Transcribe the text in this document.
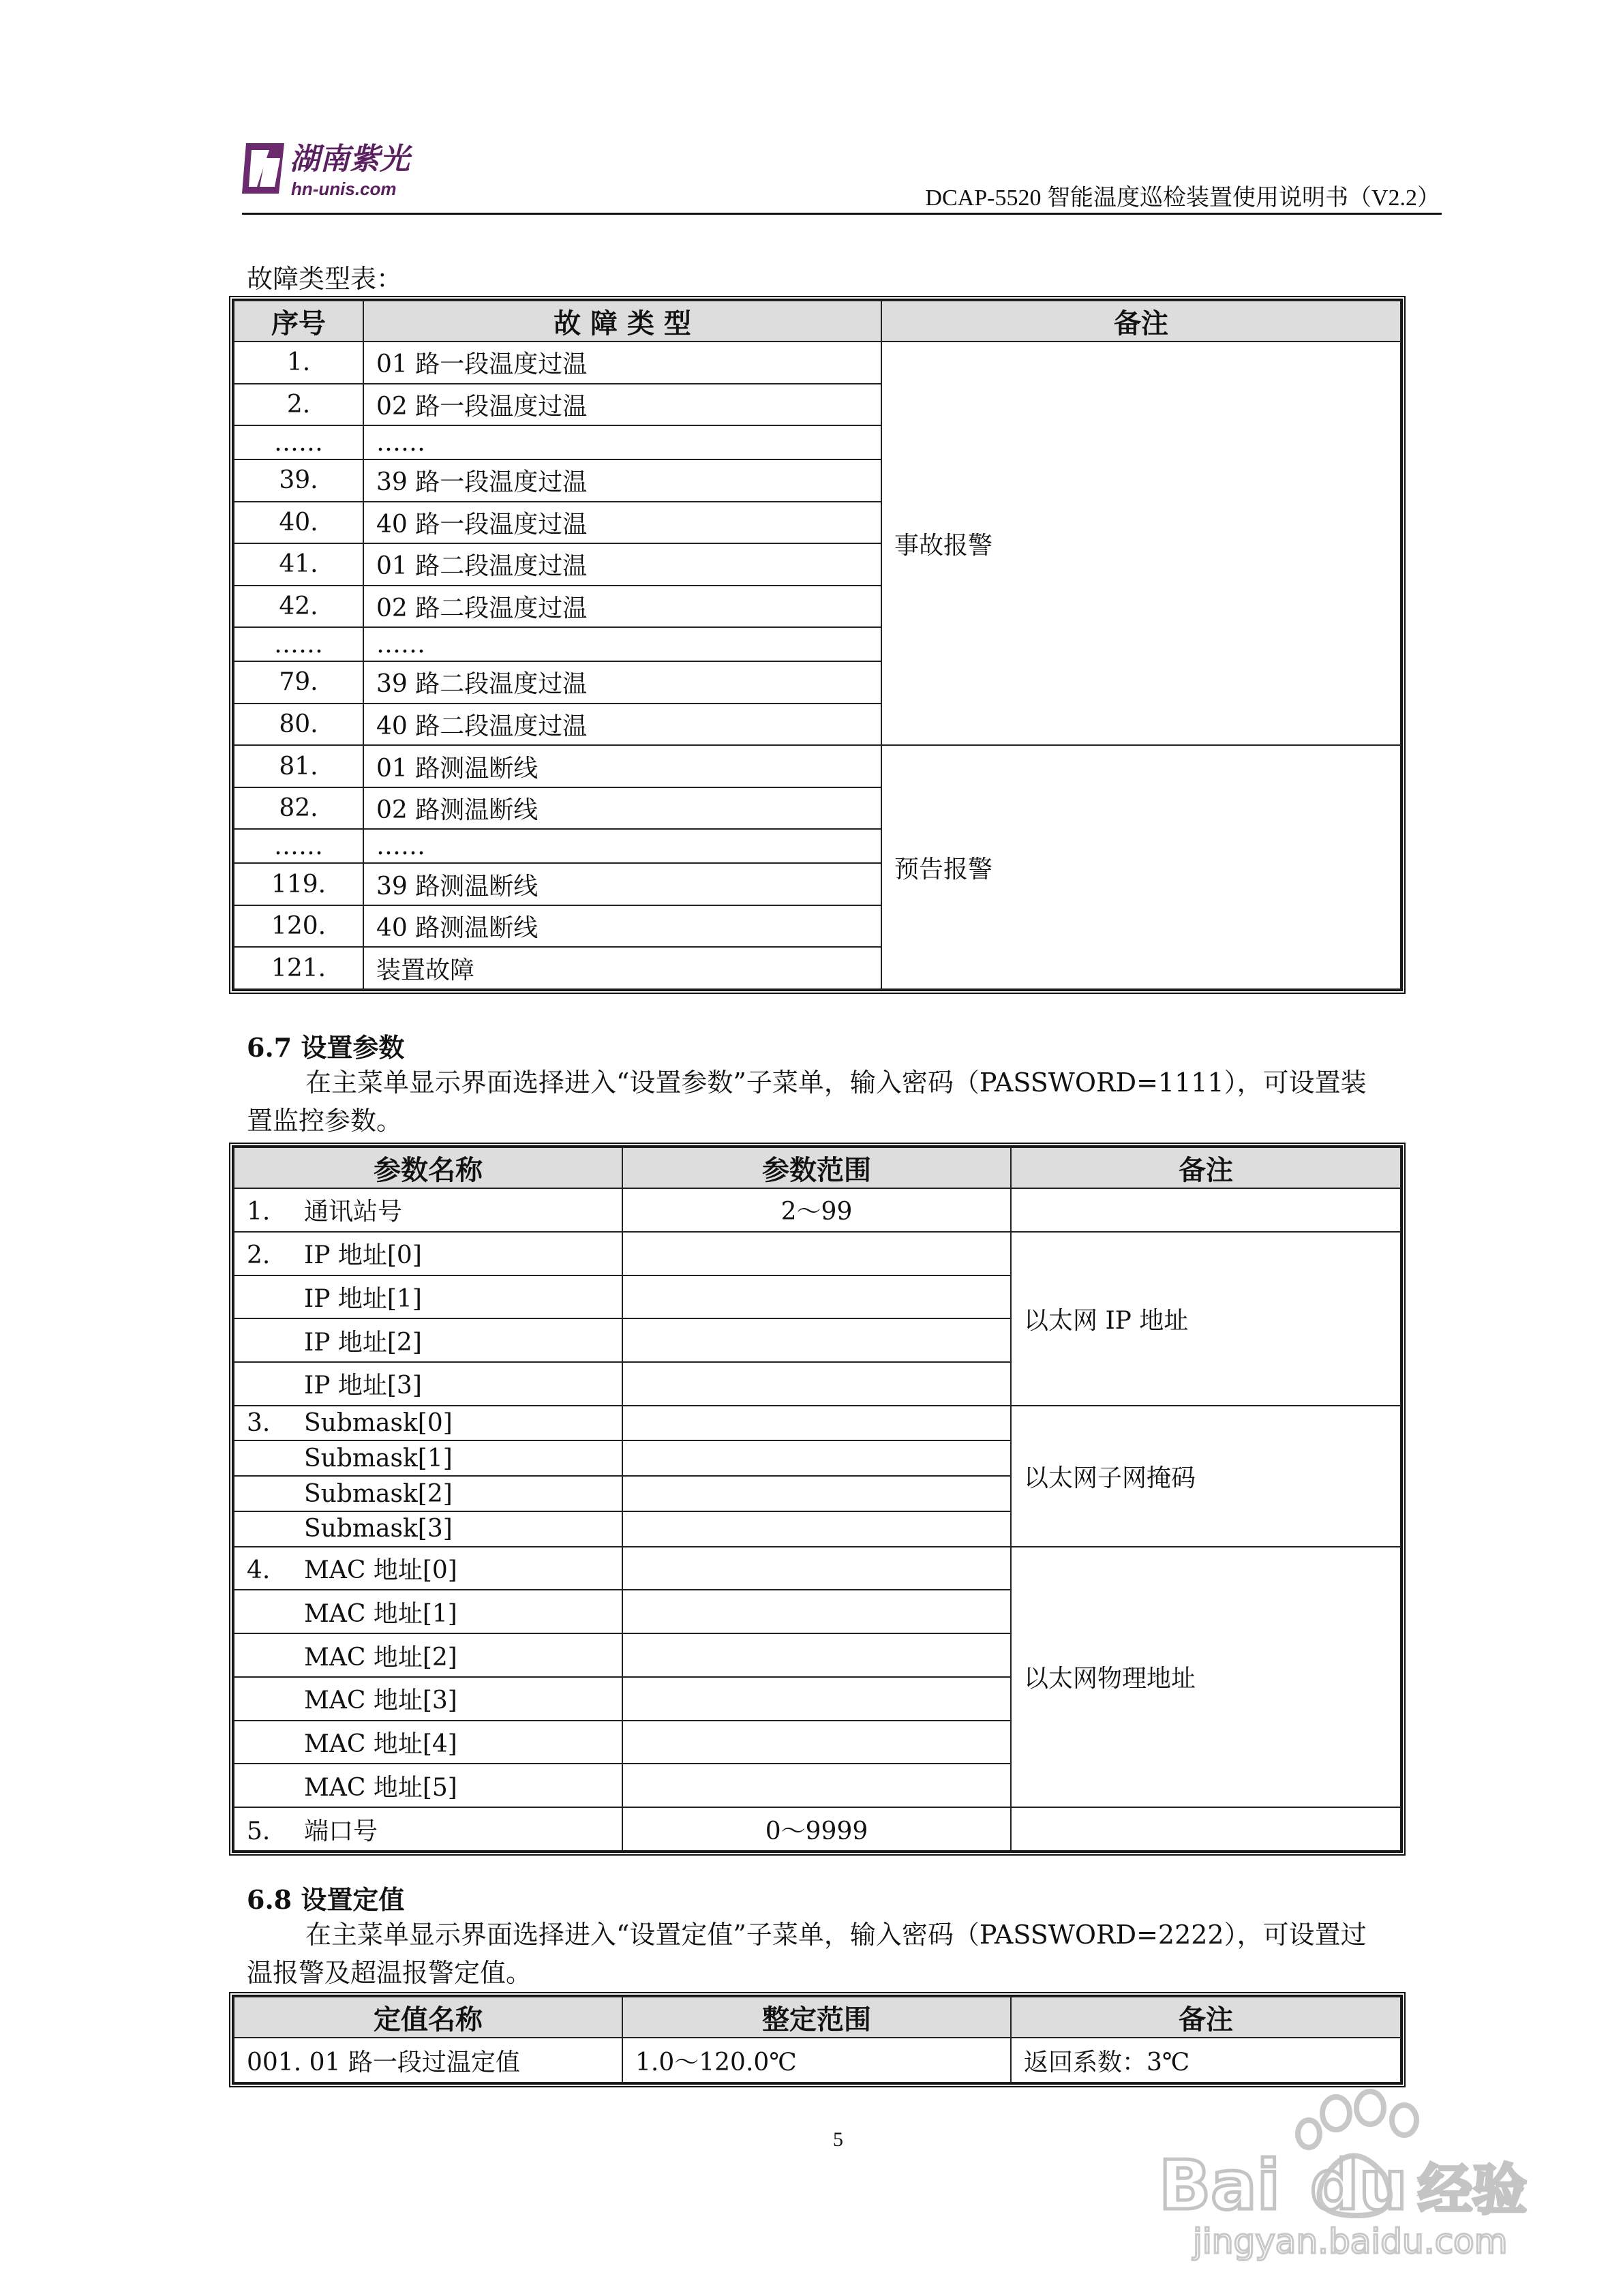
湖南紫光
hn-unis.com	DCAP-5520 智能温度巡检装置使用说明书（V2.2）
故障类型表：
序号	故 障 类 型	备注
1.	01 路一段温度过温	事故报警
2.	02 路一段温度过温	
……	……	
39.	39 路一段温度过温	
40.	40 路一段温度过温	
41.	01 路二段温度过温	
42.	02 路二段温度过温	
……	……	
79.	39 路二段温度过温	
80.	40 路二段温度过温	
81.	01 路测温断线	预告报警
82.	02 路测温断线	
……	……	
119.	39 路测温断线	
120.	40 路测温断线	
121.	装置故障	
6.7 设置参数
在主菜单显示界面选择进入“设置参数”子菜单，输入密码（PASSWORD=1111），可设置装
置监控参数。
参数名称	参数范围	备注
1. 通讯站号	2～99	
2. IP 地址[0]		以太网 IP 地址
IP 地址[1]		
IP 地址[2]		
IP 地址[3]		
3. Submask[0]		以太网子网掩码
Submask[1]		
Submask[2]		
Submask[3]		
4. MAC 地址[0]		以太网物理地址
MAC 地址[1]		
MAC 地址[2]		
MAC 地址[3]		
MAC 地址[4]		
MAC 地址[5]		
5. 端口号	0～9999	
6.8 设置定值
在主菜单显示界面选择进入“设置定值”子菜单，输入密码（PASSWORD=2222），可设置过
温报警及超温报警定值。
定值名称	整定范围	备注
001. 01 路一段过温定值	1.0～120.0℃	返回系数：3℃
5
Bai du 经验
jingyan.baidu.com
